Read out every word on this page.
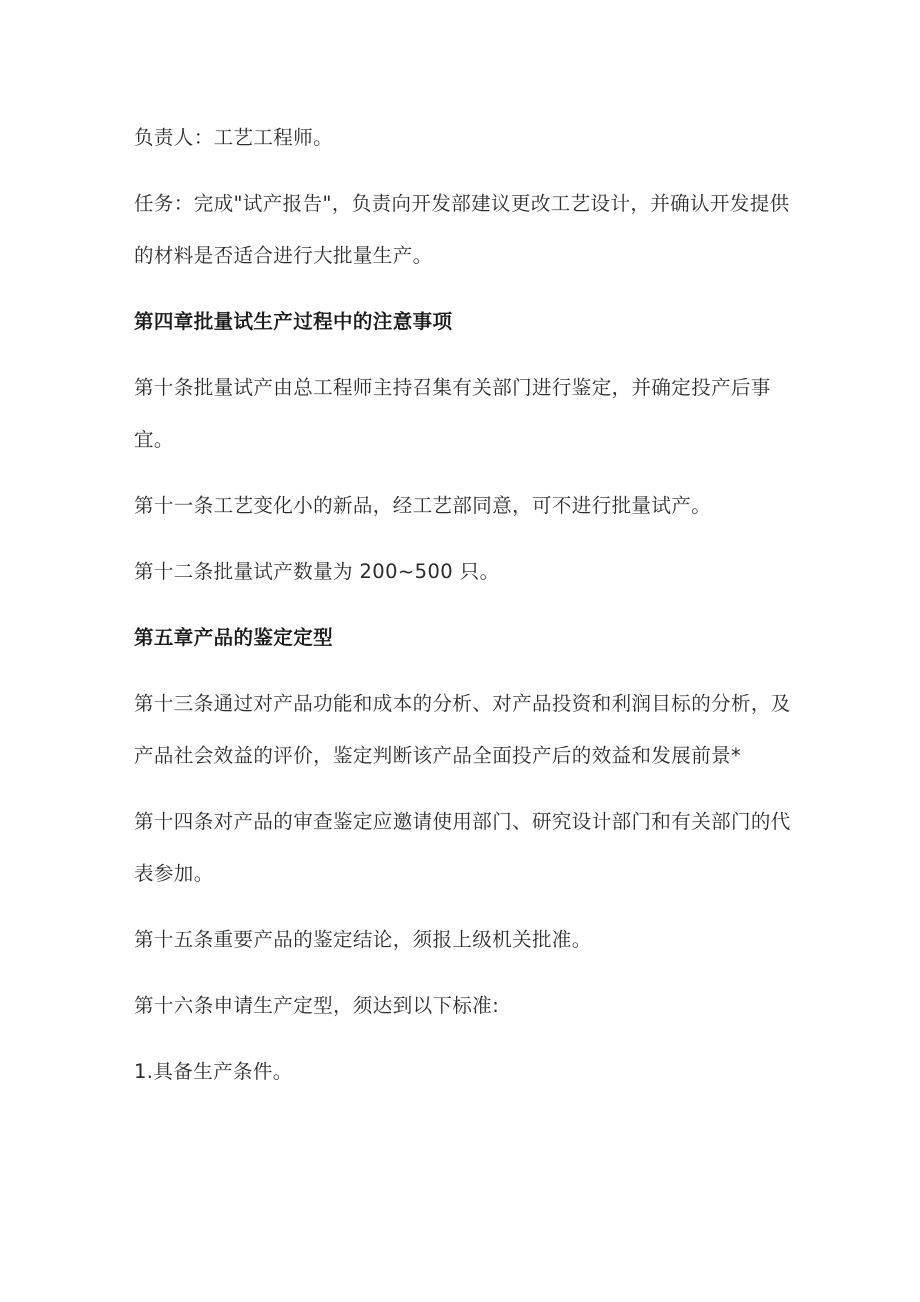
负责人：工艺工程师。

任务：完成"试产报告"，负责向开发部建议更改工艺设计，并确认开发提供的材料是否适合进行大批量生产。

第四章批量试生产过程中的注意事项

第十条批量试产由总工程师主持召集有关部门进行鉴定，并确定投产后事宜。

第十一条工艺变化小的新品，经工艺部同意，可不进行批量试产。

第十二条批量试产数量为 200~500 只。

第五章产品的鉴定定型

第十三条通过对产品功能和成本的分析、对产品投资和利润目标的分析，及产品社会效益的评价，鉴定判断该产品全面投产后的效益和发展前景*

第十四条对产品的审查鉴定应邀请使用部门、研究设计部门和有关部门的代表参加。

第十五条重要产品的鉴定结论，须报上级机关批准。

第十六条申请生产定型，须达到以下标准:

1.具备生产条件。
